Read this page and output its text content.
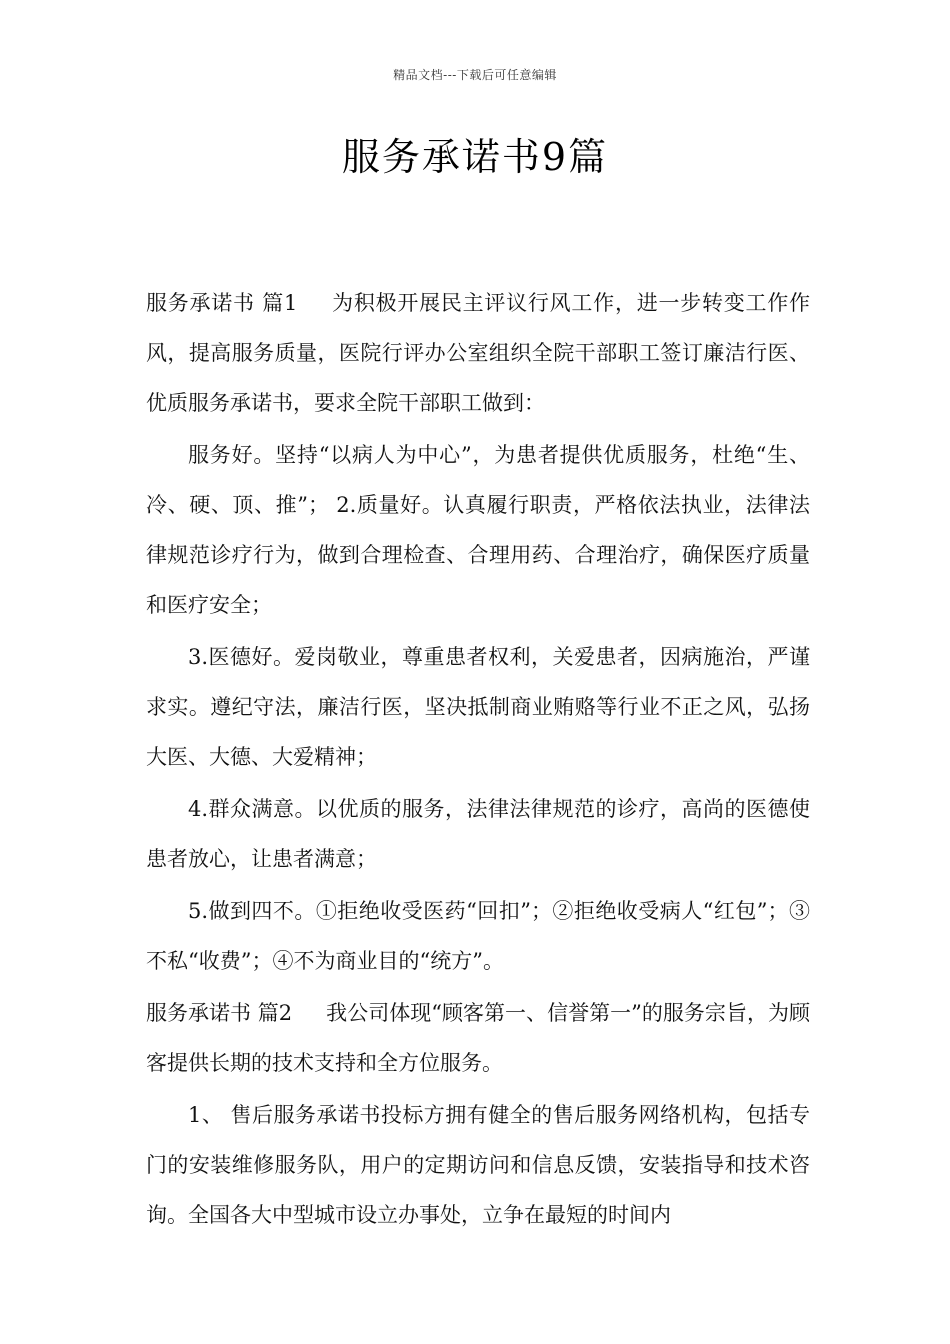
精品文档---下载后可任意编辑
服务承诺书9篇

服务承诺书 篇1 为积极开展民主评议行风工作，进一步转变工作作风，提高服务质量，医院行评办公室组织全院干部职工签订廉洁行医、优质服务承诺书，要求全院干部职工做到：

服务好。坚持“以病人为中心”，为患者提供优质服务，杜绝“生、冷、硬、顶、推”； 2.质量好。认真履行职责，严格依法执业，法律法律规范诊疗行为，做到合理检查、合理用药、合理治疗，确保医疗质量和医疗安全；

3.医德好。爱岗敬业，尊重患者权利，关爱患者，因病施治，严谨求实。遵纪守法，廉洁行医，坚决抵制商业贿赂等行业不正之风，弘扬大医、大德、大爱精神；

4.群众满意。以优质的服务，法律法律规范的诊疗，高尚的医德使患者放心，让患者满意；

5.做到四不。①拒绝收受医药“回扣”；②拒绝收受病人“红包”；③不私“收费”；④不为商业目的“统方”。

服务承诺书 篇2 我公司体现“顾客第一、信誉第一”的服务宗旨，为顾客提供长期的技术支持和全方位服务。

1、 售后服务承诺书投标方拥有健全的售后服务网络机构，包括专门的安装维修服务队，用户的定期访问和信息反馈，安装指导和技术咨询。全国各大中型城市设立办事处，立争在最短的时间内
